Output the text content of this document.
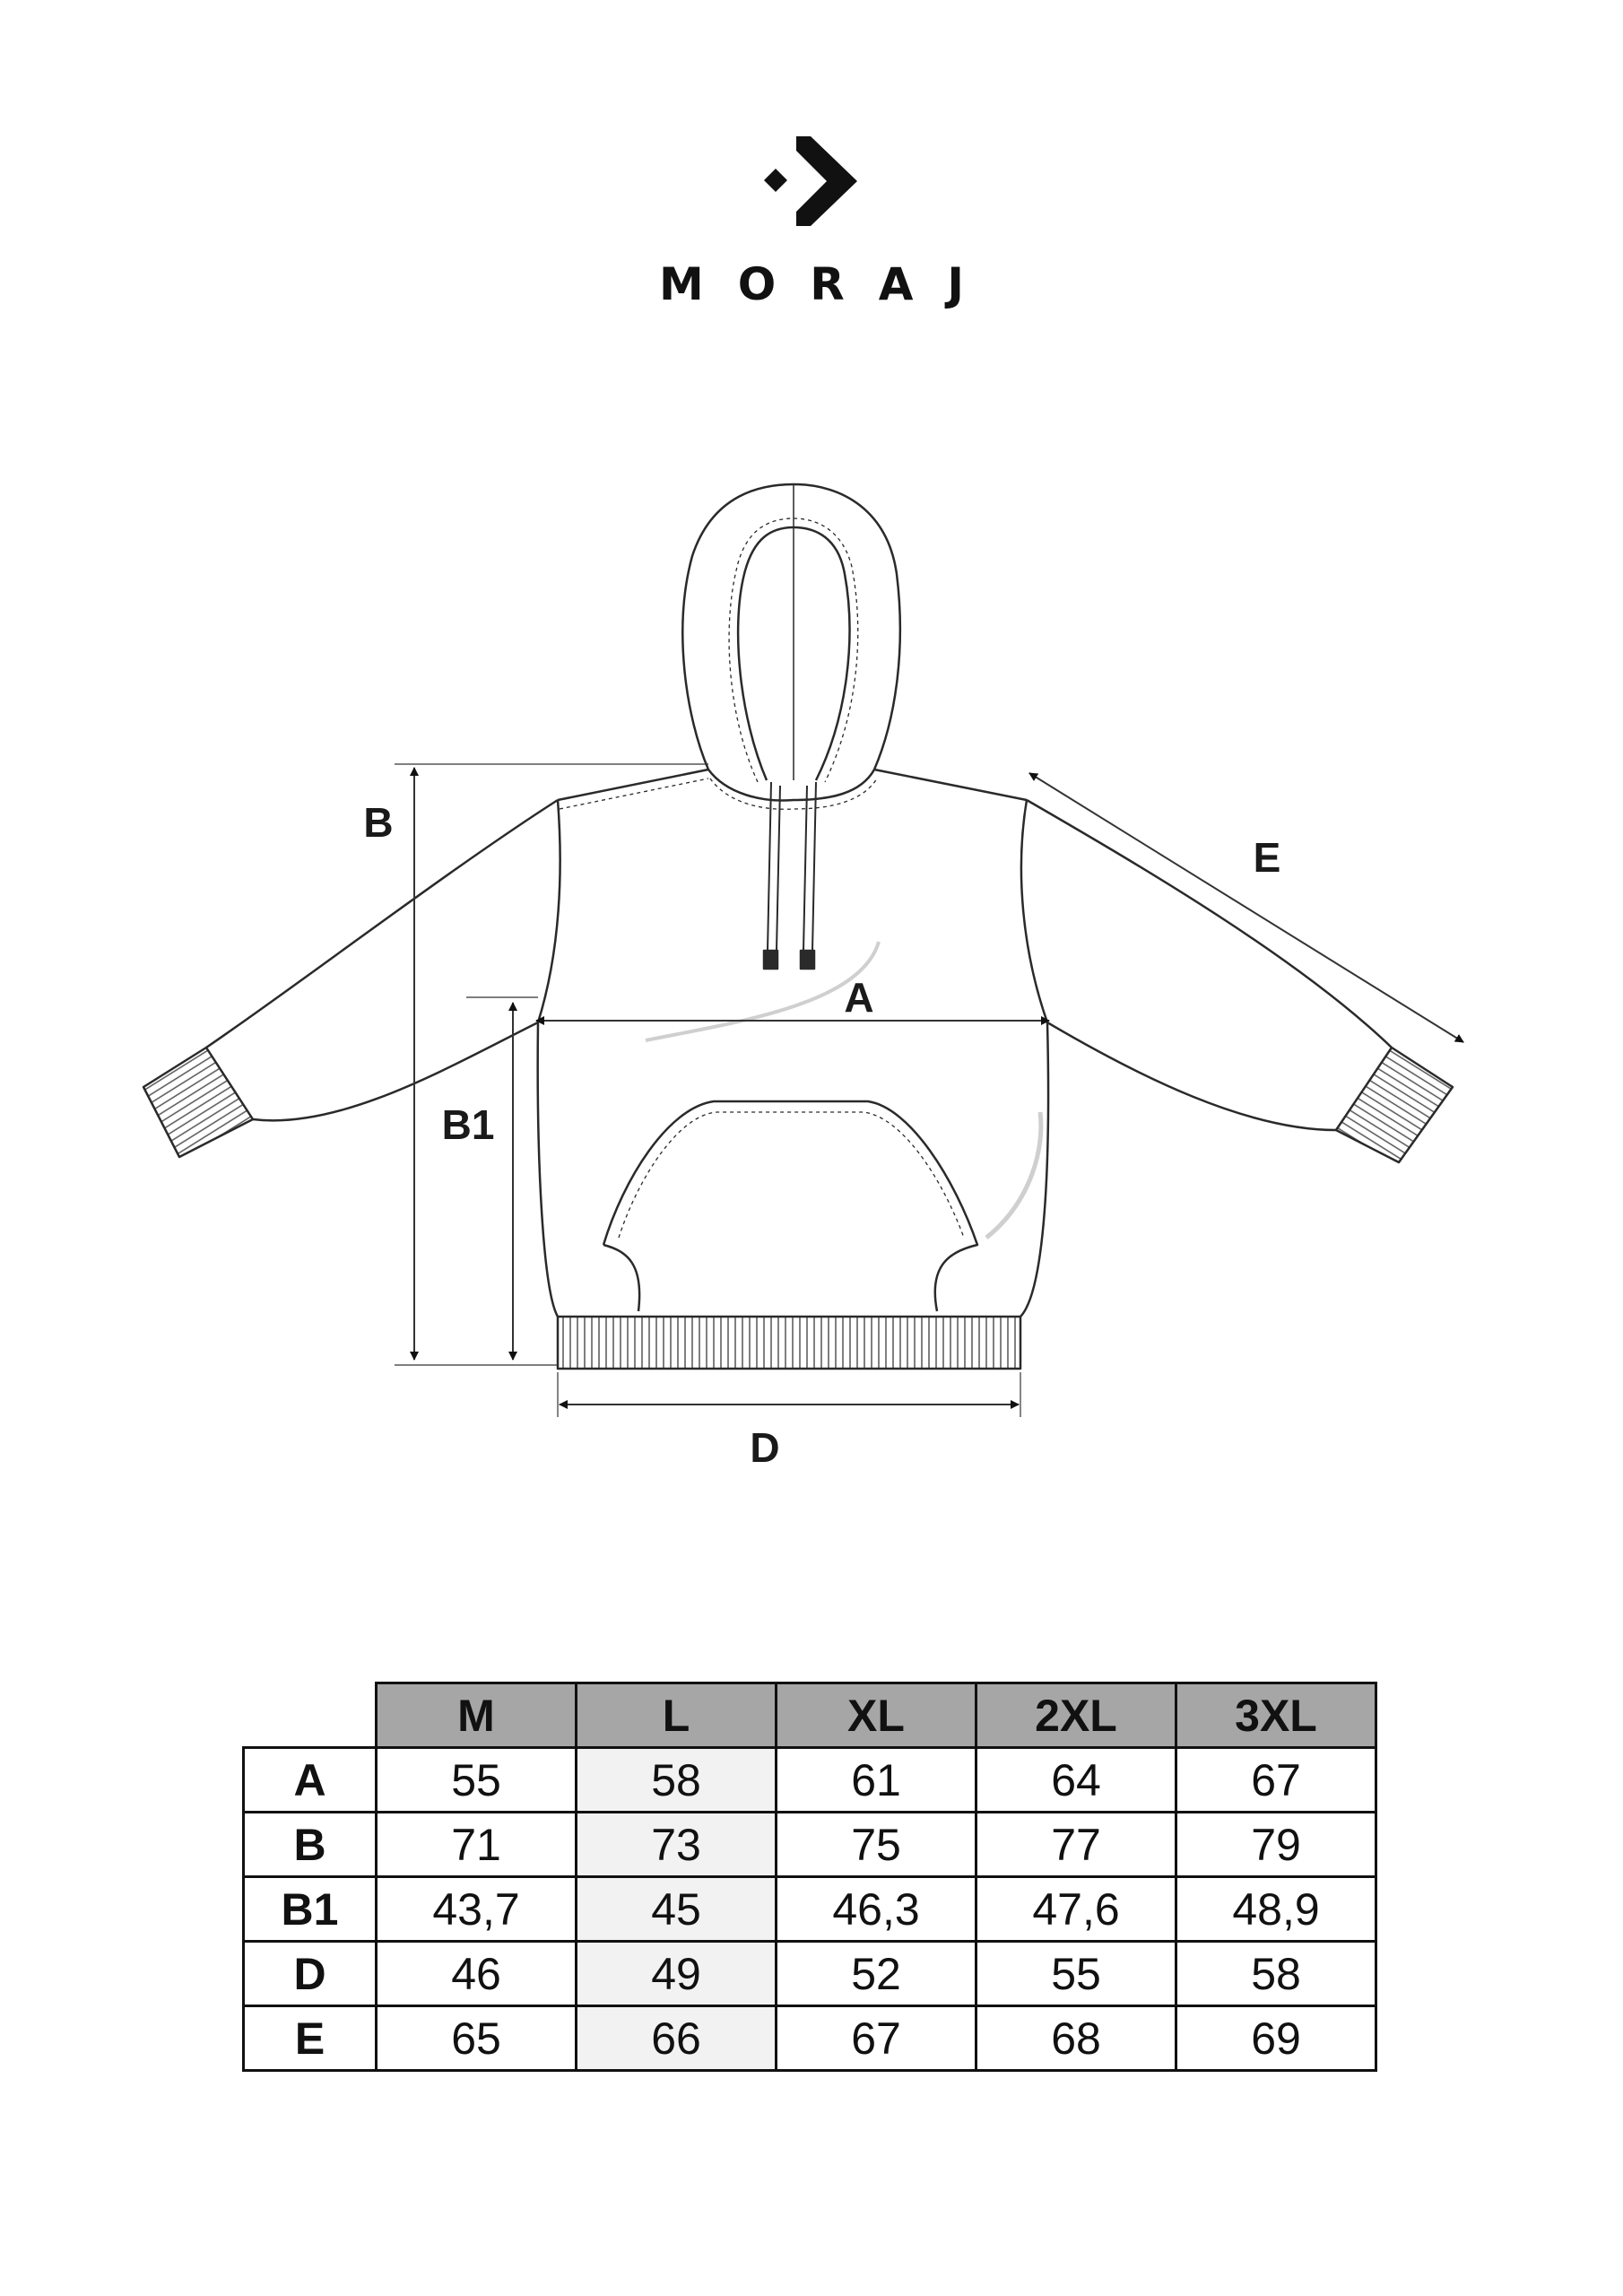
MORAJ
B
B1
A
D
E
	M	L	XL	2XL	3XL
A	55	58	61	64	67
B	71	73	75	77	79
B1	43,7	45	46,3	47,6	48,9
D	46	49	52	55	58
E	65	66	67	68	69
